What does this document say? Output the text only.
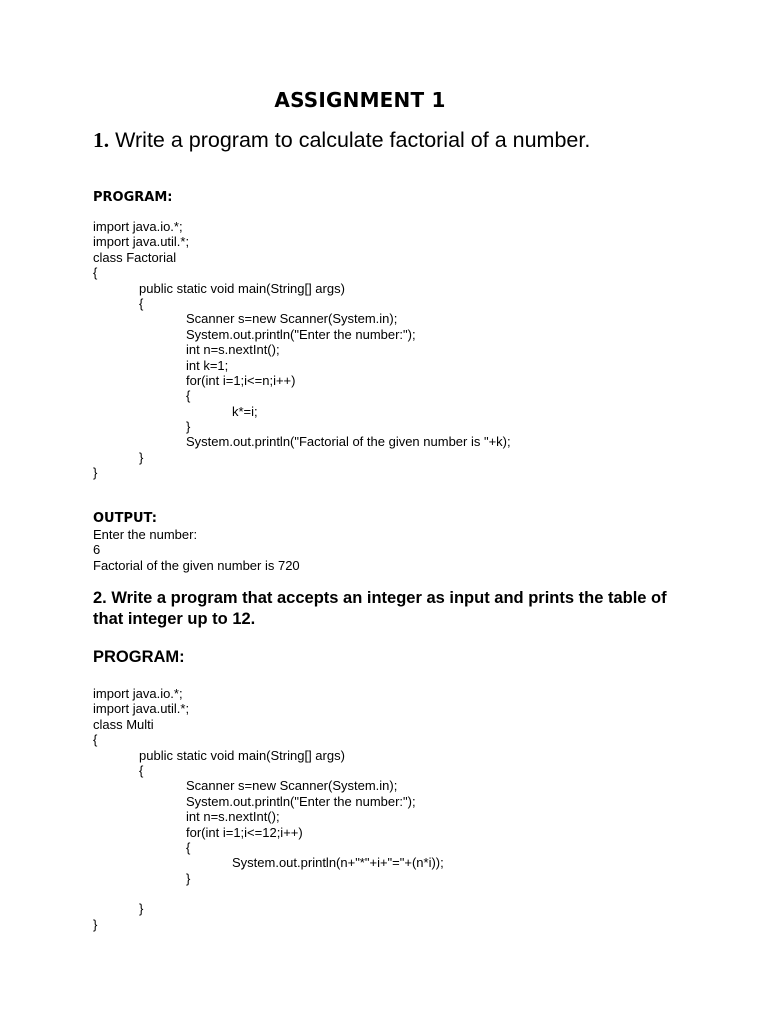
ASSIGNMENT 1
1. Write a program to calculate factorial of a number.
PROGRAM:
import java.io.*;
import java.util.*;
class Factorial
{
public static void main(String[] args)
{
Scanner s=new Scanner(System.in);
System.out.println("Enter the number:");
int n=s.nextInt();
int k=1;
for(int i=1;i<=n;i++)
{
k*=i;
}
System.out.println("Factorial of the given number is "+k);
}
}
OUTPUT:
Enter the number:
6
Factorial of the given number is 720
2. Write a program that accepts an integer as input and prints the table of that integer up to 12.
PROGRAM:
import java.io.*;
import java.util.*;
class Multi
{
public static void main(String[] args)
{
Scanner s=new Scanner(System.in);
System.out.println("Enter the number:");
int n=s.nextInt();
for(int i=1;i<=12;i++)
{
System.out.println(n+"*"+i+"="+(n*i));
}
}
}
